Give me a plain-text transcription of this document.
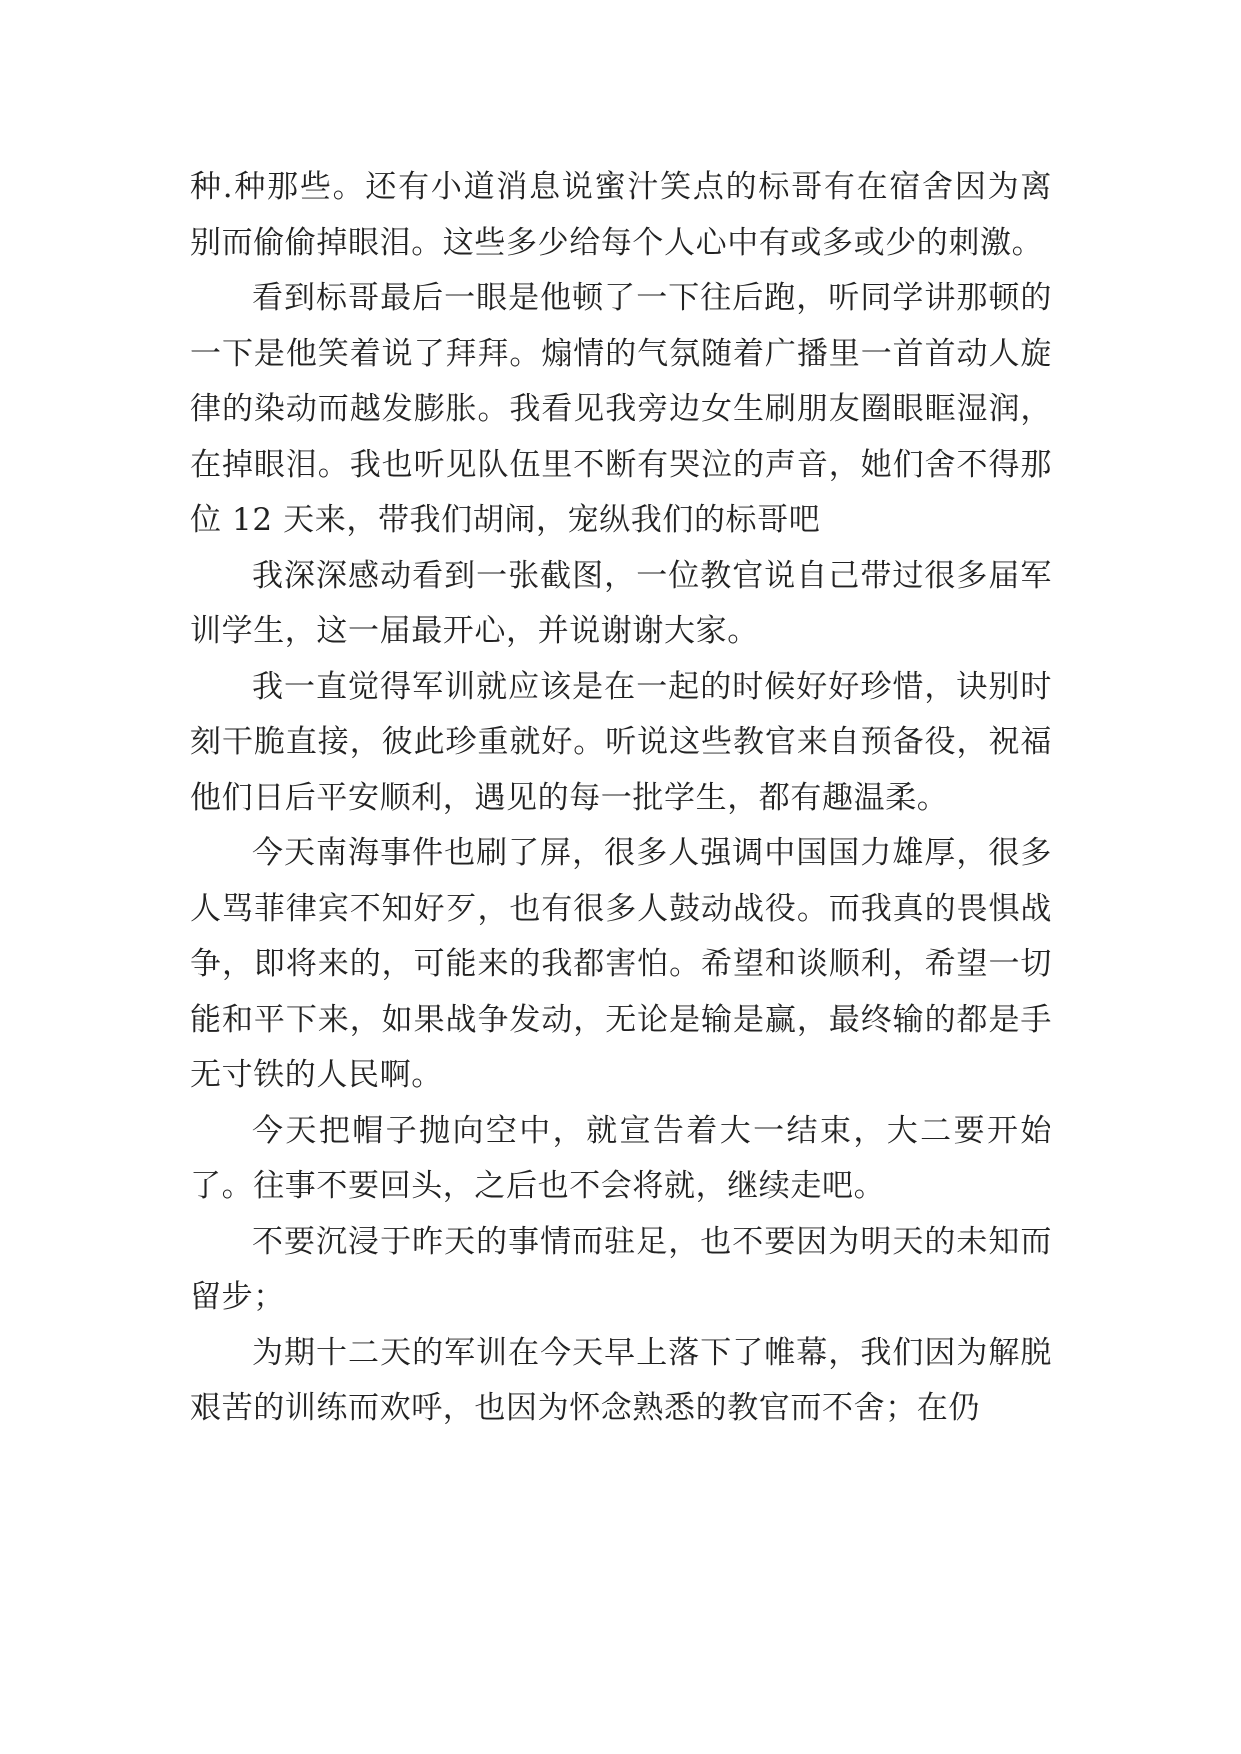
种.种那些。还有小道消息说蜜汁笑点的标哥有在宿舍因为离别而偷偷掉眼泪。这些多少给每个人心中有或多或少的刺激。

看到标哥最后一眼是他顿了一下往后跑，听同学讲那顿的一下是他笑着说了拜拜。煽情的气氛随着广播里一首首动人旋律的染动而越发膨胀。我看见我旁边女生刷朋友圈眼眶湿润，在掉眼泪。我也听见队伍里不断有哭泣的声音，她们舍不得那位 12 天来，带我们胡闹，宠纵我们的标哥吧

我深深感动看到一张截图，一位教官说自己带过很多届军训学生，这一届最开心，并说谢谢大家。

我一直觉得军训就应该是在一起的时候好好珍惜，诀别时刻干脆直接，彼此珍重就好。听说这些教官来自预备役，祝福他们日后平安顺利，遇见的每一批学生，都有趣温柔。

今天南海事件也刷了屏，很多人强调中国国力雄厚，很多人骂菲律宾不知好歹，也有很多人鼓动战役。而我真的畏惧战争，即将来的，可能来的我都害怕。希望和谈顺利，希望一切能和平下来，如果战争发动，无论是输是赢，最终输的都是手无寸铁的人民啊。

今天把帽子抛向空中，就宣告着大一结束，大二要开始了。往事不要回头，之后也不会将就，继续走吧。

不要沉浸于昨天的事情而驻足，也不要因为明天的未知而留步；

为期十二天的军训在今天早上落下了帷幕，我们因为解脱艰苦的训练而欢呼，也因为怀念熟悉的教官而不舍；在仍
